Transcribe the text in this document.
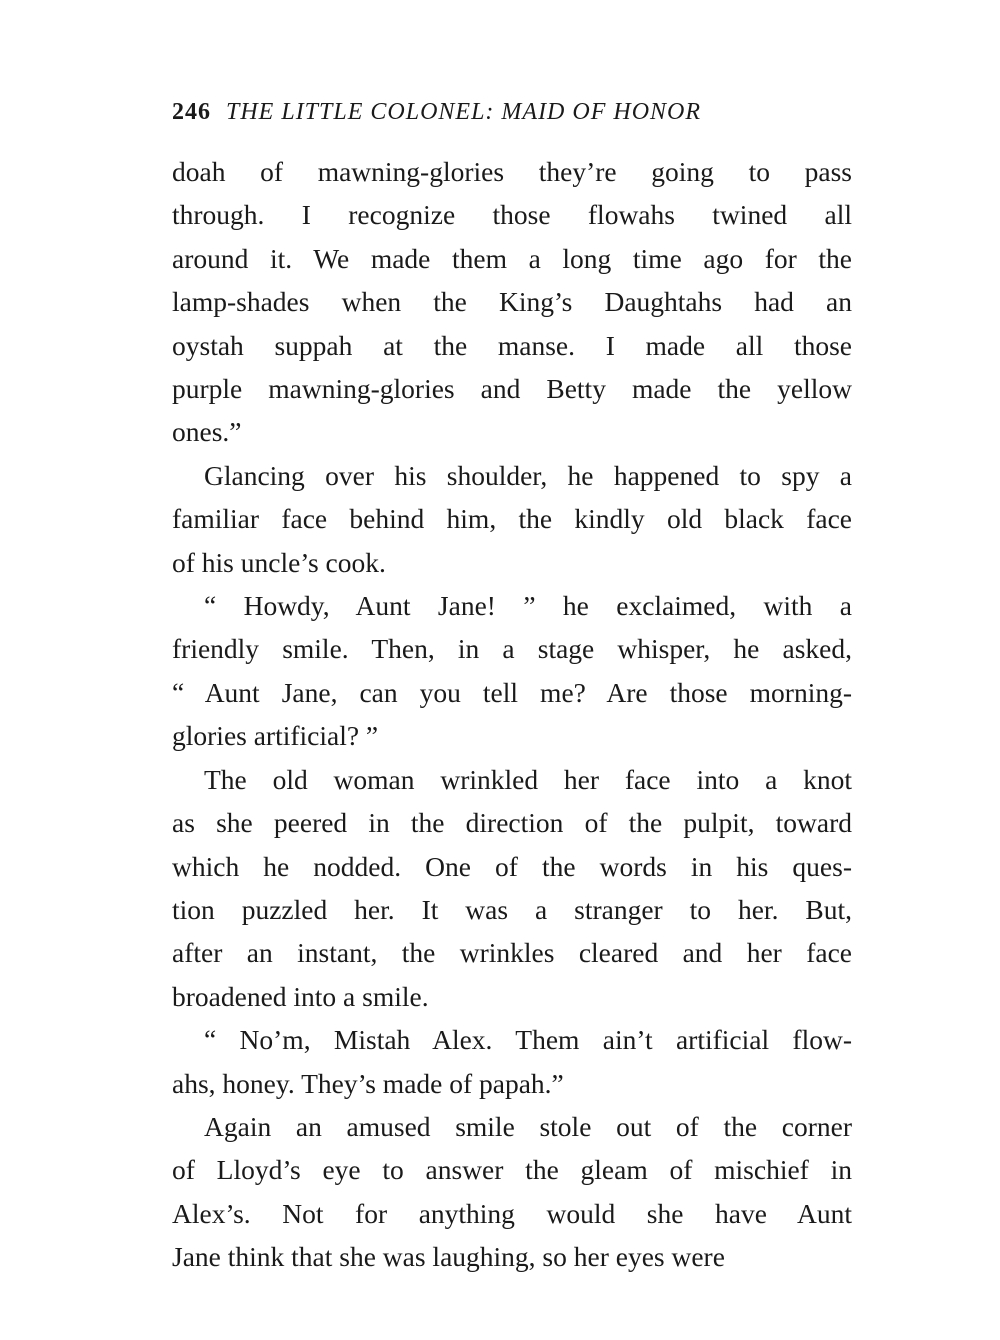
246 THE LITTLE COLONEL: MAID OF HONOR

doah of mawning-glories they’re going to pass
through. I recognize those flowahs twined all
around it. We made them a long time ago for the
lamp-shades when the King’s Daughtahs had an
oystah suppah at the manse. I made all those
purple mawning-glories and Betty made the yellow
ones.”

Glancing over his shoulder, he happened to spy a
familiar face behind him, the kindly old black face
of his uncle’s cook.

“ Howdy, Aunt Jane! ” he exclaimed, with a
friendly smile. Then, in a stage whisper, he asked,
“ Aunt Jane, can you tell me? Are those morning-
glories artificial? ”

The old woman wrinkled her face into a knot
as she peered in the direction of the pulpit, toward
which he nodded. One of the words in his ques-
tion puzzled her. It was a stranger to her. But,
after an instant, the wrinkles cleared and her face
broadened into a smile.

“ No’m, Mistah Alex. Them ain’t artificial flow-
ahs, honey. They’s made of papah.”

Again an amused smile stole out of the corner
of Lloyd’s eye to answer the gleam of mischief in
Alex’s. Not for anything would she have Aunt
Jane think that she was laughing, so her eyes were
